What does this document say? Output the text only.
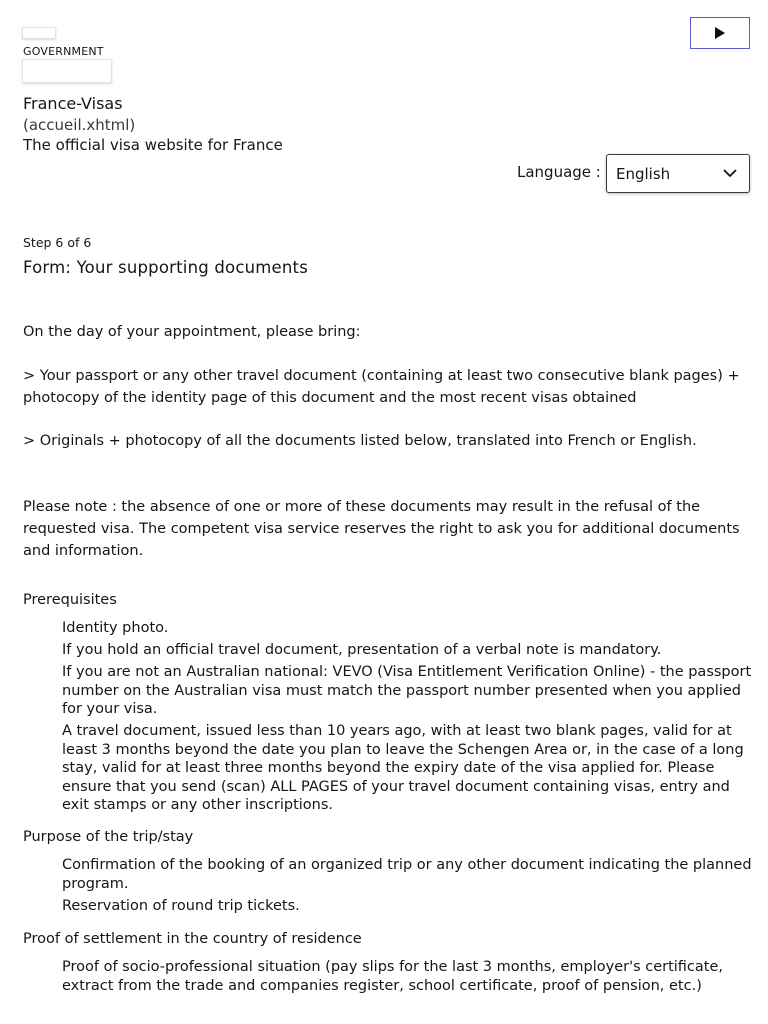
GOVERNMENT
France-Visas
(accueil.xhtml)
The official visa website for France
Language : English
Step 6 of 6
Form: Your supporting documents
On the day of your appointment, please bring:
> Your passport or any other travel document (containing at least two consecutive blank pages) + photocopy of the identity page of this document and the most recent visas obtained
> Originals + photocopy of all the documents listed below, translated into French or English.
Please note : the absence of one or more of these documents may result in the refusal of the requested visa. The competent visa service reserves the right to ask you for additional documents and information.
Prerequisites
Identity photo.
If you hold an official travel document, presentation of a verbal note is mandatory.
If you are not an Australian national: VEVO (Visa Entitlement Verification Online) - the passport number on the Australian visa must match the passport number presented when you applied for your visa.
A travel document, issued less than 10 years ago, with at least two blank pages, valid for at least 3 months beyond the date you plan to leave the Schengen Area or, in the case of a long stay, valid for at least three months beyond the expiry date of the visa applied for. Please ensure that you send (scan) ALL PAGES of your travel document containing visas, entry and exit stamps or any other inscriptions.
Purpose of the trip/stay
Confirmation of the booking of an organized trip or any other document indicating the planned program.
Reservation of round trip tickets.
Proof of settlement in the country of residence
Proof of socio-professional situation (pay slips for the last 3 months, employer's certificate, extract from the trade and companies register, school certificate, proof of pension, etc.)
